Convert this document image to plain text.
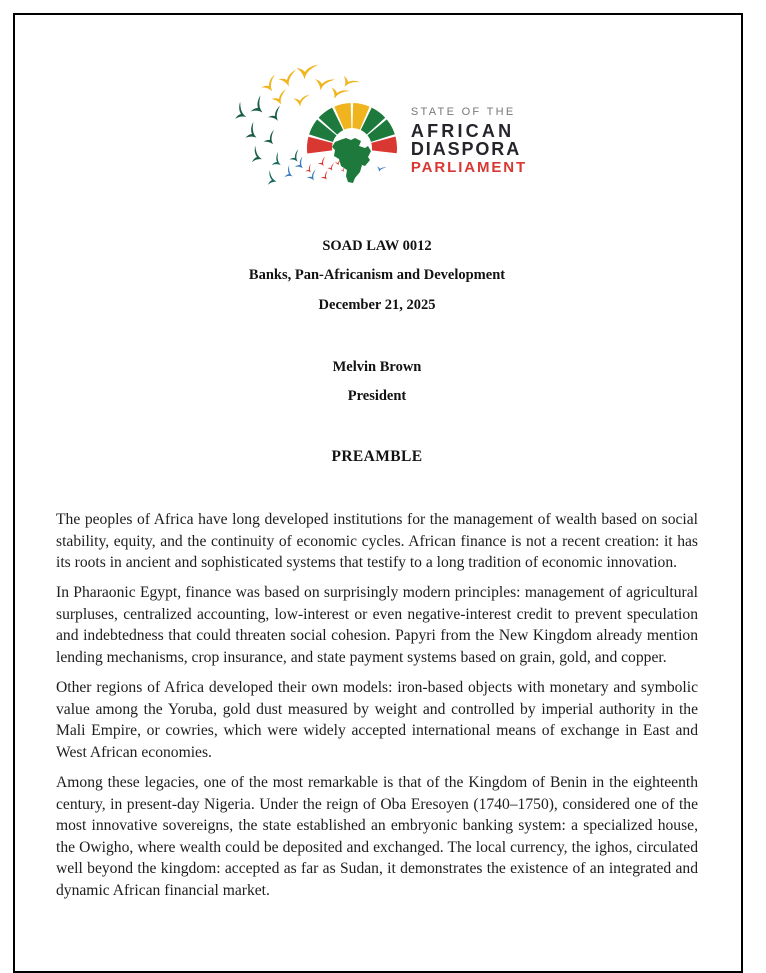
STATE OF THE
AFRICAN
DIASPORA
PARLIAMENT

SOAD LAW 0012

Banks, Pan-Africanism and Development

December 21, 2025

Melvin Brown

President

PREAMBLE

The peoples of Africa have long developed institutions for the management of wealth based on social stability, equity, and the continuity of economic cycles. African finance is not a recent creation: it has its roots in ancient and sophisticated systems that testify to a long tradition of economic innovation.

In Pharaonic Egypt, finance was based on surprisingly modern principles: management of agricultural surpluses, centralized accounting, low-interest or even negative-interest credit to prevent speculation and indebtedness that could threaten social cohesion. Papyri from the New Kingdom already mention lending mechanisms, crop insurance, and state payment systems based on grain, gold, and copper.

Other regions of Africa developed their own models: iron-based objects with monetary and symbolic value among the Yoruba, gold dust measured by weight and controlled by imperial authority in the Mali Empire, or cowries, which were widely accepted international means of exchange in East and West African economies.

Among these legacies, one of the most remarkable is that of the Kingdom of Benin in the eighteenth century, in present-day Nigeria. Under the reign of Oba Eresoyen (1740–1750), considered one of the most innovative sovereigns, the state established an embryonic banking system: a specialized house, the Owigho, where wealth could be deposited and exchanged. The local currency, the ighos, circulated well beyond the kingdom: accepted as far as Sudan, it demonstrates the existence of an integrated and dynamic African financial market.
